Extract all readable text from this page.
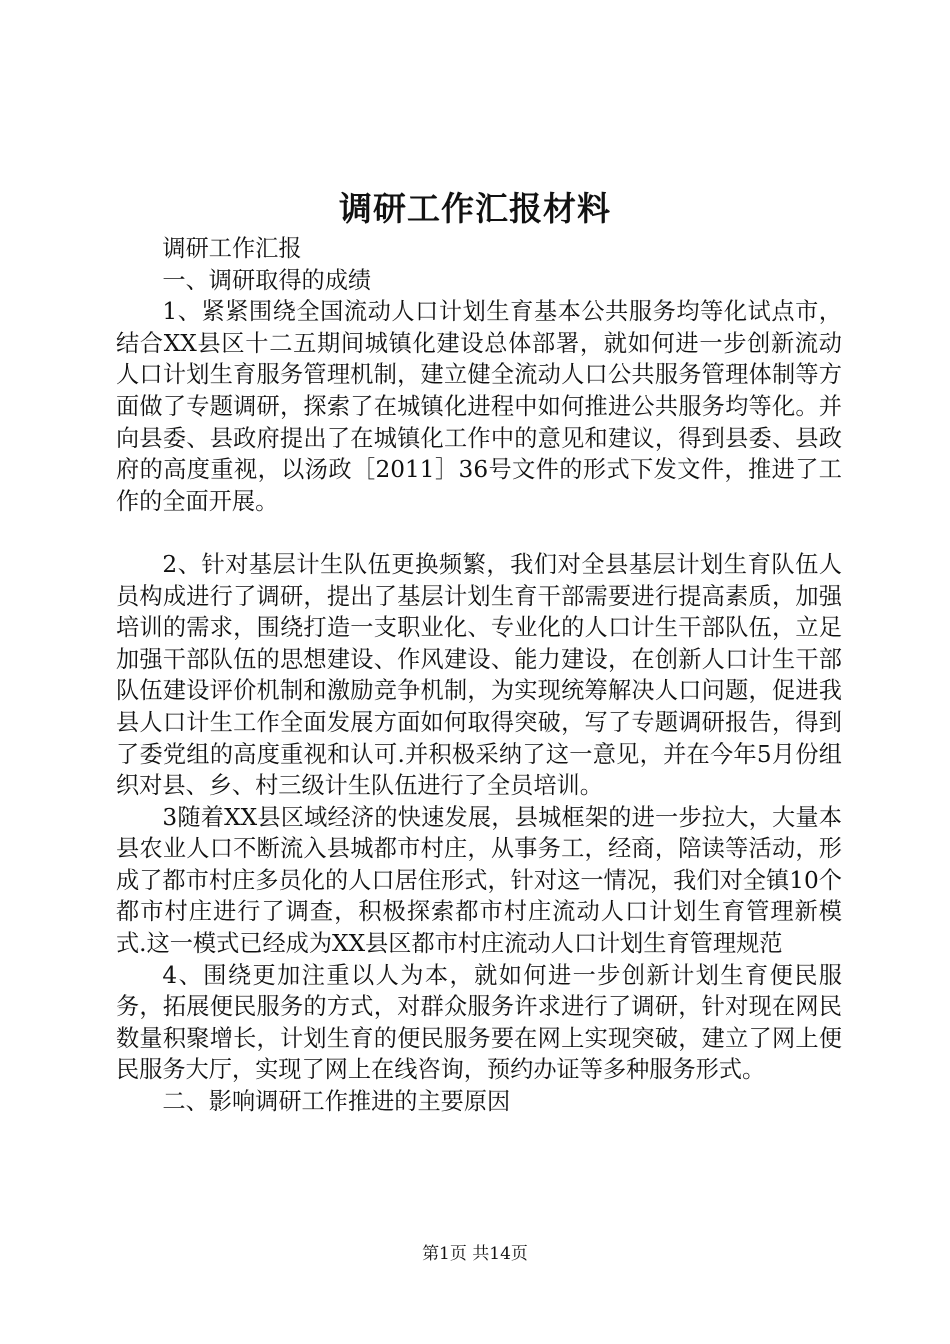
调研工作汇报材料

调研工作汇报

一、调研取得的成绩

1、紧紧围绕全国流动人口计划生育基本公共服务均等化试点市，结合XX县区十二五期间城镇化建设总体部署，就如何进一步创新流动人口计划生育服务管理机制，建立健全流动人口公共服务管理体制等方面做了专题调研，探索了在城镇化进程中如何推进公共服务均等化。并向县委、县政府提出了在城镇化工作中的意见和建议，得到县委、县政府的高度重视，以汤政［2011］36号文件的形式下发文件，推进了工作的全面开展。

2、针对基层计生队伍更换频繁，我们对全县基层计划生育队伍人员构成进行了调研，提出了基层计划生育干部需要进行提高素质，加强培训的需求，围绕打造一支职业化、专业化的人口计生干部队伍，立足加强干部队伍的思想建设、作风建设、能力建设，在创新人口计生干部队伍建设评价机制和激励竞争机制，为实现统筹解决人口问题，促进我县人口计生工作全面发展方面如何取得突破，写了专题调研报告，得到了委党组的高度重视和认可.并积极采纳了这一意见，并在今年5月份组织对县、乡、村三级计生队伍进行了全员培训。

3随着XX县区域经济的快速发展，县城框架的进一步拉大，大量本县农业人口不断流入县城都市村庄，从事务工，经商，陪读等活动，形成了都市村庄多员化的人口居住形式，针对这一情况，我们对全镇10个都市村庄进行了调查，积极探索都市村庄流动人口计划生育管理新模式.这一模式已经成为XX县区都市村庄流动人口计划生育管理规范

4、围绕更加注重以人为本，就如何进一步创新计划生育便民服务，拓展便民服务的方式，对群众服务许求进行了调研，针对现在网民数量积聚增长，计划生育的便民服务要在网上实现突破，建立了网上便民服务大厅，实现了网上在线咨询，预约办证等多种服务形式。

二、影响调研工作推进的主要原因

第1页 共14页
